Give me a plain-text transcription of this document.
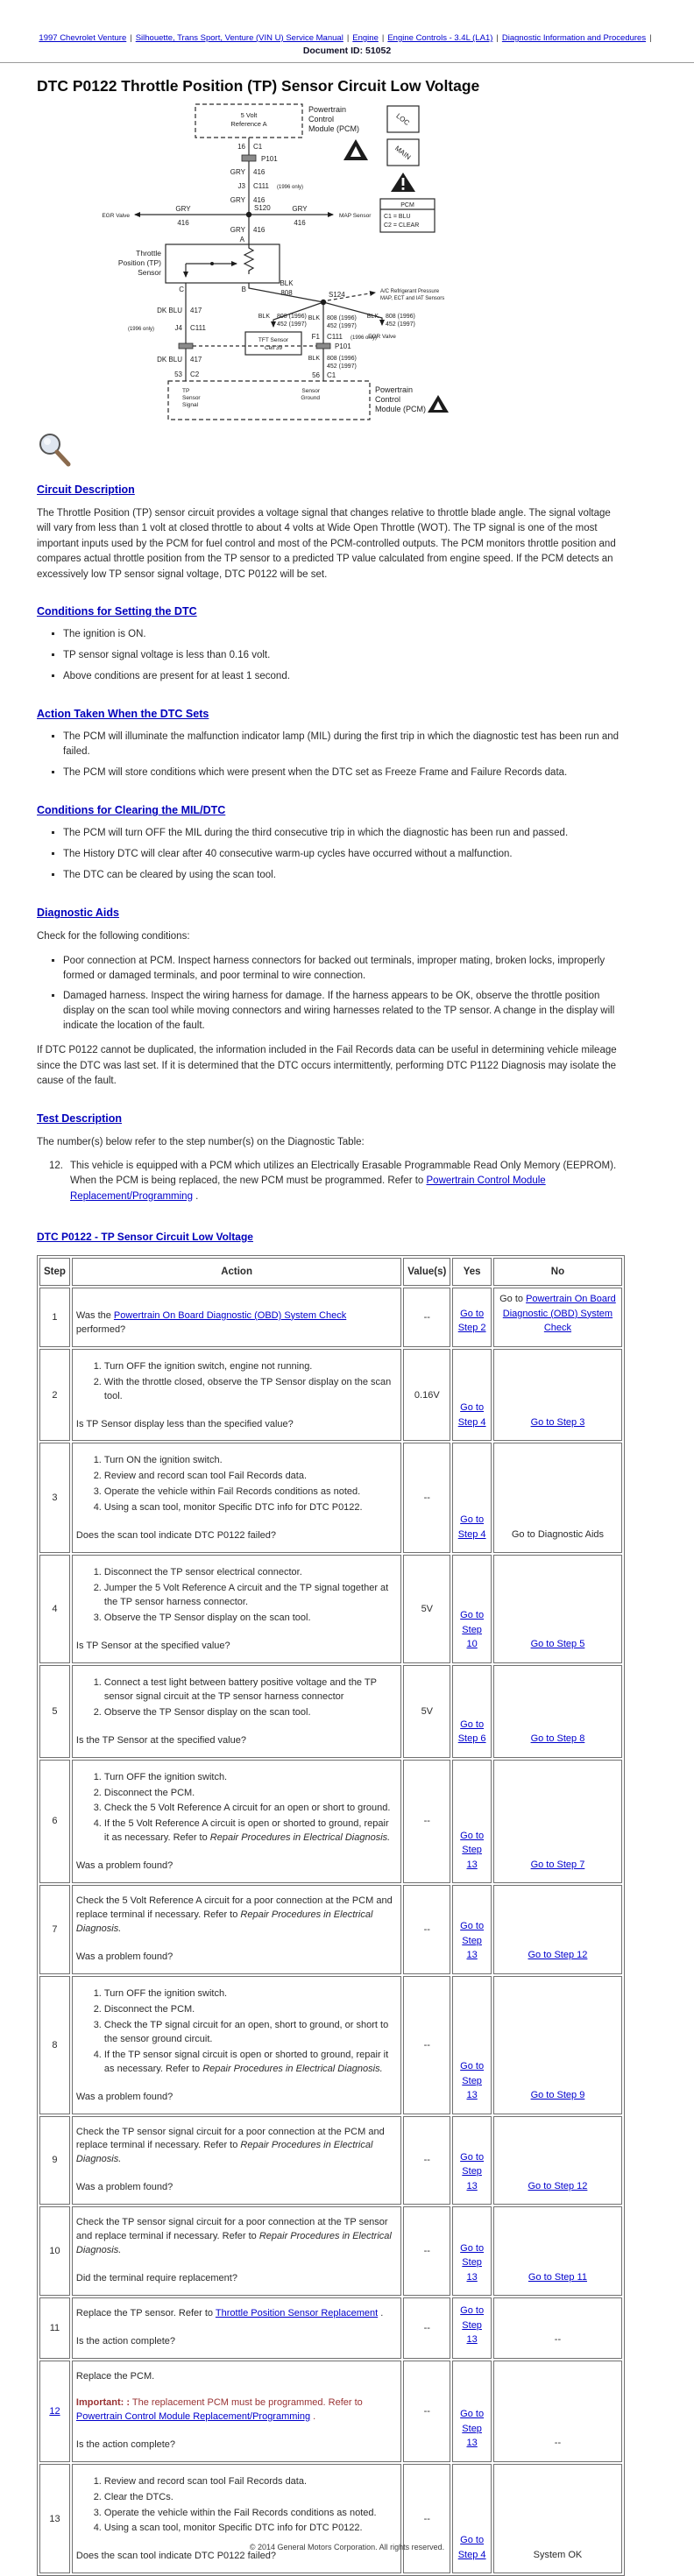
1997 Chevrolet Venture | Silhouette, Trans Sport, Venture (VIN U) Service Manual | Engine | Engine Controls - 3.4L (LA1) | Diagnostic Information and Procedures |
Document ID: 51052
DTC P0122 Throttle Position (TP) Sensor Circuit Low Voltage
5 Volt
Reference A
Powertrain
Control
Module (PCM)
16 C1
P101
GRY 416
J3 C111 (1996 only)
GRY 416
S120
GRY
416
GRY
416
EGR Valve	MAP Sensor
GRY 416
A
Throttle
Position (TP)
Sensor
C	B
BLK
808	S124	A/C Refrigerant Pressure
MAP, ECT and IAT Sensors
BLK 808 (1996)
452 (1997)
BLK 808 (1996)
452 (1997)
BLK 808 (1996)
452 (1997)
TFT Sensor
Cell 39
F1 C111 (1996 only)
EGR Valve
DK BLU 417
(1996 only)	J4 C111
P101
DK BLU 417	BLK 808 (1996)
452 (1997)
53 C2	56 C1
TP
Sensor
Signal
Sensor
Ground
Powertrain
Control
Module (PCM)
LOC
MAIN
PCM
C1 = BLU
C2 = CLEAR
Circuit Description

The Throttle Position (TP) sensor circuit provides a voltage signal that changes relative to throttle blade angle. The signal voltage will vary from less than 1 volt at closed throttle to about 4 volts at Wide Open Throttle (WOT). The TP signal is one of the most important inputs used by the PCM for fuel control and most of the PCM-controlled outputs. The PCM monitors throttle position and compares actual throttle position from the TP sensor to a predicted TP value calculated from engine speed. If the PCM detects an excessively low TP sensor signal voltage, DTC P0122 will be set.

Conditions for Setting the DTC
▪ The ignition is ON.
▪ TP sensor signal voltage is less than 0.16 volt.
▪ Above conditions are present for at least 1 second.
Action Taken When the DTC Sets
▪ The PCM will illuminate the malfunction indicator lamp (MIL) during the first trip in which the diagnostic test has been run and failed.
▪ The PCM will store conditions which were present when the DTC set as Freeze Frame and Failure Records data.
Conditions for Clearing the MIL/DTC
▪ The PCM will turn OFF the MIL during the third consecutive trip in which the diagnostic has been run and passed.
▪ The History DTC will clear after 40 consecutive warm-up cycles have occurred without a malfunction.
▪ The DTC can be cleared by using the scan tool.
Diagnostic Aids

Check for the following conditions:

▪ Poor connection at PCM. Inspect harness connectors for backed out terminals, improper mating, broken locks, improperly formed or damaged terminals, and poor terminal to wire connection.
▪ Damaged harness. Inspect the wiring harness for damage. If the harness appears to be OK, observe the throttle position display on the scan tool while moving connectors and wiring harnesses related to the TP sensor. A change in the display will indicate the location of the fault.

If DTC P0122 cannot be duplicated, the information included in the Fail Records data can be useful in determining vehicle mileage since the DTC was last set. If it is determined that the DTC occurs intermittently, performing DTC P1122 Diagnosis may isolate the cause of the fault.

Test Description

The number(s) below refer to the step number(s) on the Diagnostic Table:

12. This vehicle is equipped with a PCM which utilizes an Electrically Erasable Programmable Read Only Memory (EEPROM). When the PCM is being replaced, the new PCM must be programmed. Refer to Powertrain Control Module Replacement/Programming .
DTC P0122 - TP Sensor Circuit Low Voltage
Step	Action	Value(s)	Yes	No
1	Was the Powertrain On Board Diagnostic (OBD) System Check performed?	--	Go to Step 2	Go to Powertrain On Board Diagnostic (OBD) System Check
2	
1. Turn OFF the ignition switch, engine not running.
2. With the throttle closed, observe the TP Sensor display on the scan tool.
Is TP Sensor display less than the specified value?
	0.16V	Go to Step 4	Go to Step 3
3	
1. Turn ON the ignition switch.
2. Review and record scan tool Fail Records data.
3. Operate the vehicle within Fail Records conditions as noted.
4. Using a scan tool, monitor Specific DTC info for DTC P0122.
Does the scan tool indicate DTC P0122 failed?
	--	Go to Step 4	Go to Diagnostic Aids
4	
1. Disconnect the TP sensor electrical connector.
2. Jumper the 5 Volt Reference A circuit and the TP signal together at the TP sensor harness connector.
3. Observe the TP Sensor display on the scan tool.
Is TP Sensor at the specified value?
	5V	Go to Step 10	Go to Step 5
5	
1. Connect a test light between battery positive voltage and the TP sensor signal circuit at the TP sensor harness connector
2. Observe the TP Sensor display on the scan tool.
Is the TP Sensor at the specified value?
	5V	Go to Step 6	Go to Step 8
6	
1. Turn OFF the ignition switch.
2. Disconnect the PCM.
3. Check the 5 Volt Reference A circuit for an open or short to ground.
4. If the 5 Volt Reference A circuit is open or shorted to ground, repair it as necessary. Refer to Repair Procedures in Electrical Diagnosis.
Was a problem found?
	--	Go to Step 13	Go to Step 7
7	Check the 5 Volt Reference A circuit for a poor connection at the PCM and replace terminal if necessary. Refer to Repair Procedures in Electrical Diagnosis.
Was a problem found?	--	Go to Step 13	Go to Step 12
8	
1. Turn OFF the ignition switch.
2. Disconnect the PCM.
3. Check the TP signal circuit for an open, short to ground, or short to the sensor ground circuit.
4. If the TP sensor signal circuit is open or shorted to ground, repair it as necessary. Refer to Repair Procedures in Electrical Diagnosis.
Was a problem found?
	--	Go to Step 13	Go to Step 9
9	Check the TP sensor signal circuit for a poor connection at the PCM and replace terminal if necessary. Refer to Repair Procedures in Electrical Diagnosis.
Was a problem found?	--	Go to Step 13	Go to Step 12
10	Check the TP sensor signal circuit for a poor connection at the TP sensor and replace terminal if necessary. Refer to Repair Procedures in Electrical Diagnosis.
Did the terminal require replacement?	--	Go to Step 13	Go to Step 11
11	Replace the TP sensor. Refer to Throttle Position Sensor Replacement .
Is the action complete?	--	Go to Step 13	--
12	Replace the PCM.
Important: : The replacement PCM must be programmed. Refer to Powertrain Control Module Replacement/Programming .
Is the action complete?	--	Go to Step 13	--
13	
1. Review and record scan tool Fail Records data.
2. Clear the DTCs.
3. Operate the vehicle within the Fail Records conditions as noted.
4. Using a scan tool, monitor Specific DTC info for DTC P0122.
Does the scan tool indicate DTC P0122 failed?
	--	Go to Step 4	System OK
© 2014 General Motors Corporation. All rights reserved.
